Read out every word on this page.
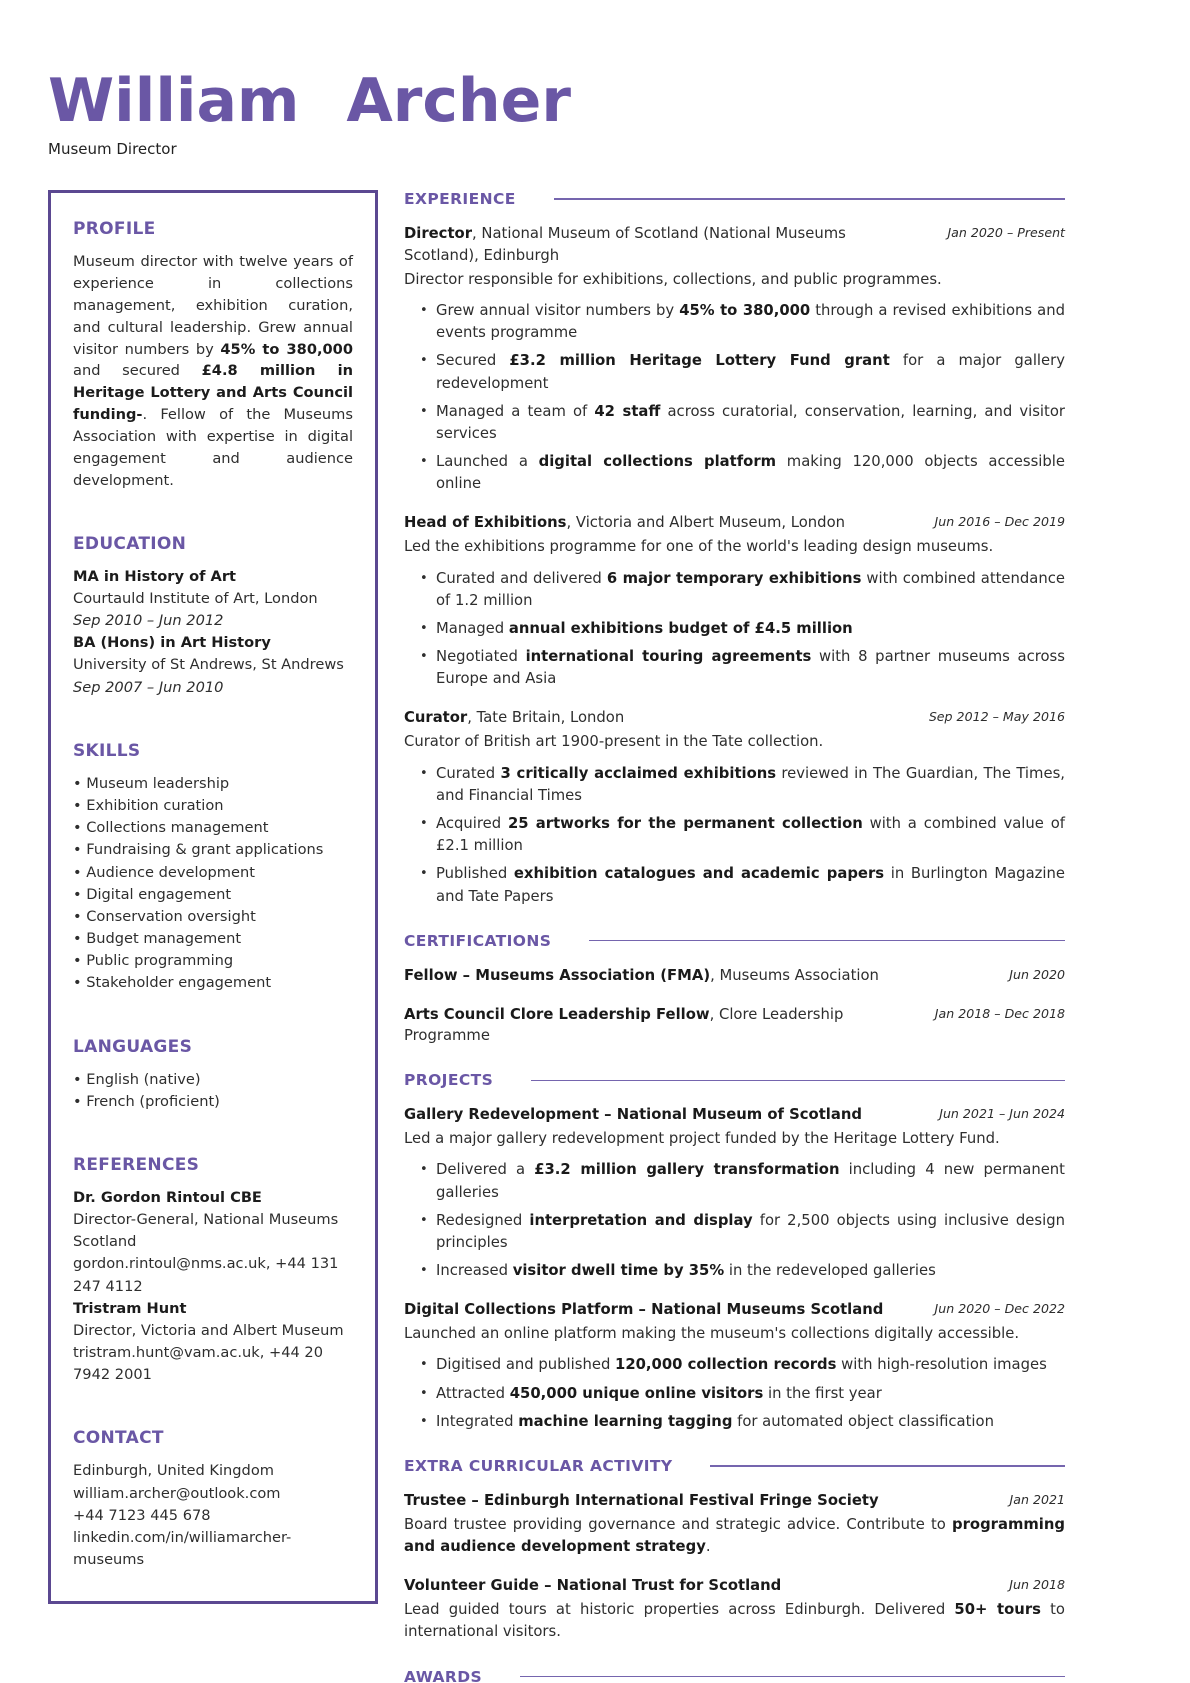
William Archer
Museum Director
PROFILE
Museum director with twelve years of experience in collections management, exhibition curation, and cultural leadership. Grew annual visitor numbers by 45% to 380,000 and secured £4.8 million in Heritage Lottery and Arts Council funding-. Fellow of the Museums Association with expertise in digital engagement and audience development.
EDUCATION
MA in History of Art
Courtauld Institute of Art, London
Sep 2010 – Jun 2012
BA (Hons) in Art History
University of St Andrews, St Andrews
Sep 2007 – Jun 2010
SKILLS
• Museum leadership
• Exhibition curation
• Collections management
• Fundraising & grant applications
• Audience development
• Digital engagement
• Conservation oversight
• Budget management
• Public programming
• Stakeholder engagement
LANGUAGES
• English (native)
• French (proficient)
REFERENCES
Dr. Gordon Rintoul CBE
Director-General, National Museums Scotland
gordon.rintoul@nms.ac.uk, +44 131 247 4112
Tristram Hunt
Director, Victoria and Albert Museum
tristram.hunt@vam.ac.uk, +44 20 7942 2001
CONTACT
Edinburgh, United Kingdom
william.archer@outlook.com
+44 7123 445 678
linkedin.com/in/williamarcher-museums
EXPERIENCE
Director, National Museum of Scotland (National Museums Scotland), Edinburgh
Jan 2020 – Present
Director responsible for exhibitions, collections, and public programmes.
• Grew annual visitor numbers by 45% to 380,000 through a revised exhibitions and events programme
• Secured £3.2 million Heritage Lottery Fund grant for a major gallery redevelopment
• Managed a team of 42 staff across curatorial, conservation, learning, and visitor services
• Launched a digital collections platform making 120,000 objects accessible online
Head of Exhibitions, Victoria and Albert Museum, London	Jun 2016 – Dec 2019
Led the exhibitions programme for one of the world's leading design museums.
• Curated and delivered 6 major temporary exhibitions with combined attendance of 1.2 million
• Managed annual exhibitions budget of £4.5 million
• Negotiated international touring agreements with 8 partner museums across Europe and Asia
Curator, Tate Britain, London	Sep 2012 – May 2016
Curator of British art 1900-present in the Tate collection.
• Curated 3 critically acclaimed exhibitions reviewed in The Guardian, The Times, and Financial Times
• Acquired 25 artworks for the permanent collection with a combined value of £2.1 million
• Published exhibition catalogues and academic papers in Burlington Magazine and Tate Papers
CERTIFICATIONS
Fellow – Museums Association (FMA), Museums Association	Jun 2020
Arts Council Clore Leadership Fellow, Clore Leadership Programme
Jan 2018 – Dec 2018
PROJECTS
Gallery Redevelopment – National Museum of Scotland	Jun 2021 – Jun 2024
Led a major gallery redevelopment project funded by the Heritage Lottery Fund.
• Delivered a £3.2 million gallery transformation including 4 new permanent galleries
• Redesigned interpretation and display for 2,500 objects using inclusive design principles
• Increased visitor dwell time by 35% in the redeveloped galleries
Digital Collections Platform – National Museums Scotland	Jun 2020 – Dec 2022
Launched an online platform making the museum's collections digitally accessible.
• Digitised and published 120,000 collection records with high-resolution images
• Attracted 450,000 unique online visitors in the first year
• Integrated machine learning tagging for automated object classification
EXTRA CURRICULAR ACTIVITY
Trustee – Edinburgh International Festival Fringe Society	Jan 2021
Board trustee providing governance and strategic advice. Contribute to programming and audience development strategy.
Volunteer Guide – National Trust for Scotland	Jun 2018
Lead guided tours at historic properties across Edinburgh. Delivered 50+ tours to international visitors.
AWARDS
